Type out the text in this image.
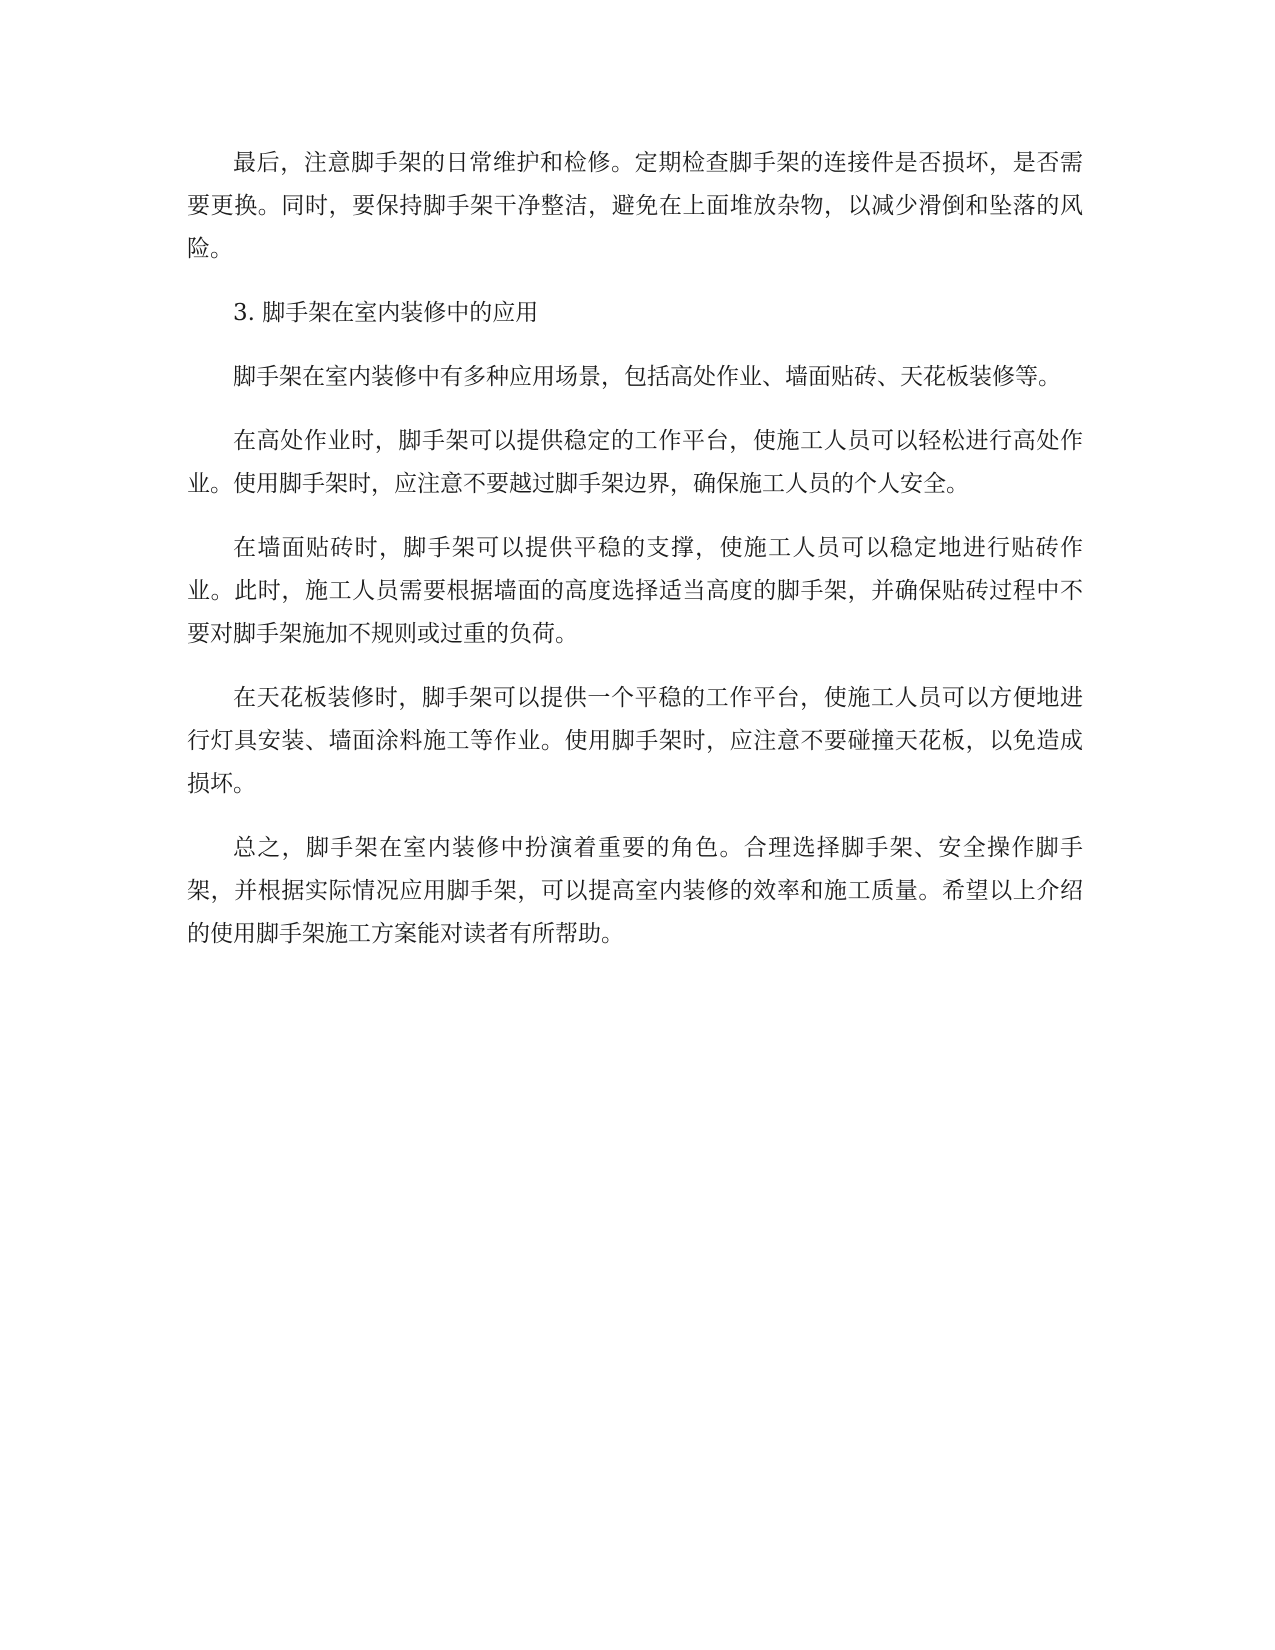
最后，注意脚手架的日常维护和检修。定期检查脚手架的连接件是否损坏，是否需要更换。同时，要保持脚手架干净整洁，避免在上面堆放杂物，以减少滑倒和坠落的风险。

3. 脚手架在室内装修中的应用

脚手架在室内装修中有多种应用场景，包括高处作业、墙面贴砖、天花板装修等。

在高处作业时，脚手架可以提供稳定的工作平台，使施工人员可以轻松进行高处作业。使用脚手架时，应注意不要越过脚手架边界，确保施工人员的个人安全。

在墙面贴砖时，脚手架可以提供平稳的支撑，使施工人员可以稳定地进行贴砖作业。此时，施工人员需要根据墙面的高度选择适当高度的脚手架，并确保贴砖过程中不要对脚手架施加不规则或过重的负荷。

在天花板装修时，脚手架可以提供一个平稳的工作平台，使施工人员可以方便地进行灯具安装、墙面涂料施工等作业。使用脚手架时，应注意不要碰撞天花板，以免造成损坏。

总之，脚手架在室内装修中扮演着重要的角色。合理选择脚手架、安全操作脚手架，并根据实际情况应用脚手架，可以提高室内装修的效率和施工质量。希望以上介绍的使用脚手架施工方案能对读者有所帮助。
